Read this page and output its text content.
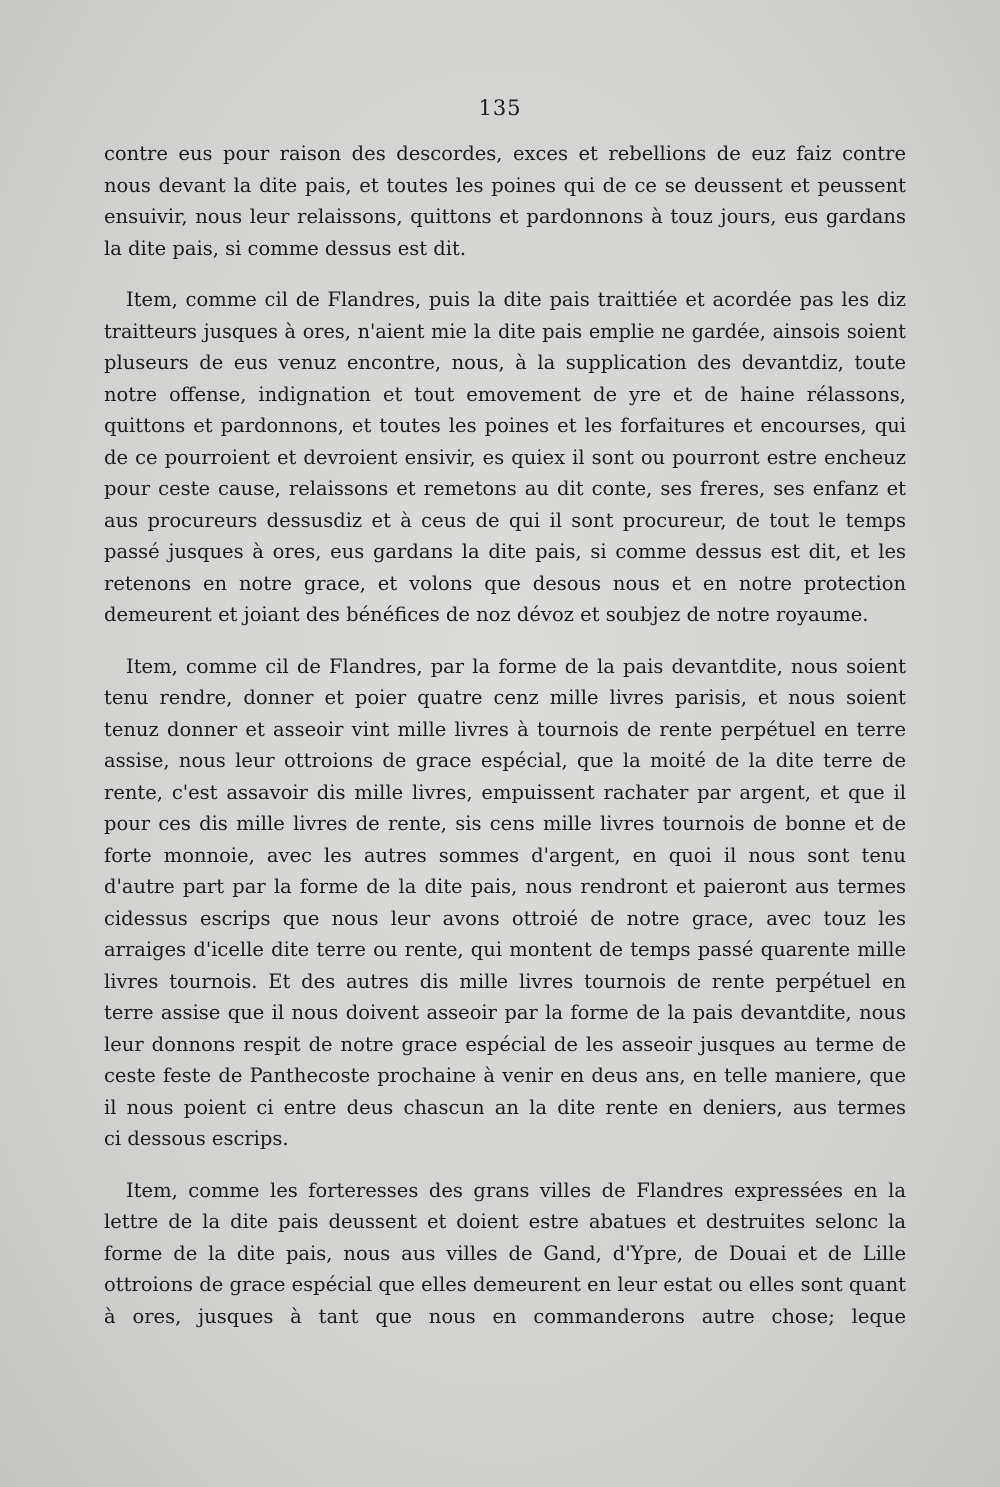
135

contre eus pour raison des descordes, exces et rebellions de euz faiz contre
nous devant la dite pais, et toutes les poines qui de ce se deussent et peussent
ensuivir, nous leur relaissons, quittons et pardonnons à touz jours, eus gardans
la dite pais, si comme dessus est dit.

Item, comme cil de Flandres, puis la dite pais traittiée et acordée pas les diz
traitteurs jusques à ores, n'aient mie la dite pais emplie ne gardée, ainsois soient
pluseurs de eus venuz encontre, nous, à la supplication des devantdiz, toute
notre offense, indignation et tout emovement de yre et de haine rélassons,
quittons et pardonnons, et toutes les poines et les forfaitures et encourses, qui
de ce pourroient et devroient ensivir, es quiex il sont ou pourront estre encheuz
pour ceste cause, relaissons et remetons au dit conte, ses freres, ses enfanz et
aus procureurs dessusdiz et à ceus de qui il sont procureur, de tout le temps
passé jusques à ores, eus gardans la dite pais, si comme dessus est dit, et les
retenons en notre grace, et volons que desous nous et en notre protection
demeurent et joiant des bénéfices de noz dévoz et soubjez de notre royaume.

Item, comme cil de Flandres, par la forme de la pais devantdite, nous soient
tenu rendre, donner et poier quatre cenz mille livres parisis, et nous soient
tenuz donner et asseoir vint mille livres à tournois de rente perpétuel en terre
assise, nous leur ottroions de grace espécial, que la moité de la dite terre de
rente, c'est assavoir dis mille livres, empuissent rachater par argent, et que il
pour ces dis mille livres de rente, sis cens mille livres tournois de bonne et de
forte monnoie, avec les autres sommes d'argent, en quoi il nous sont tenu
d'autre part par la forme de la dite pais, nous rendront et paieront aus termes
cidessus escrips que nous leur avons ottroié de notre grace, avec touz les
arraiges d'icelle dite terre ou rente, qui montent de temps passé quarente mille
livres tournois. Et des autres dis mille livres tournois de rente perpétuel en
terre assise que il nous doivent asseoir par la forme de la pais devantdite, nous
leur donnons respit de notre grace espécial de les asseoir jusques au terme de
ceste feste de Panthecoste prochaine à venir en deus ans, en telle maniere, que
il nous poient ci entre deus chascun an la dite rente en deniers, aus termes
ci dessous escrips.

Item, comme les forteresses des grans villes de Flandres expressées en la
lettre de la dite pais deussent et doient estre abatues et destruites selonc la
forme de la dite pais, nous aus villes de Gand, d'Ypre, de Douai et de Lille
ottroions de grace espécial que elles demeurent en leur estat ou elles sont quant
à ores, jusques à tant que nous en commanderons autre chose; leque
